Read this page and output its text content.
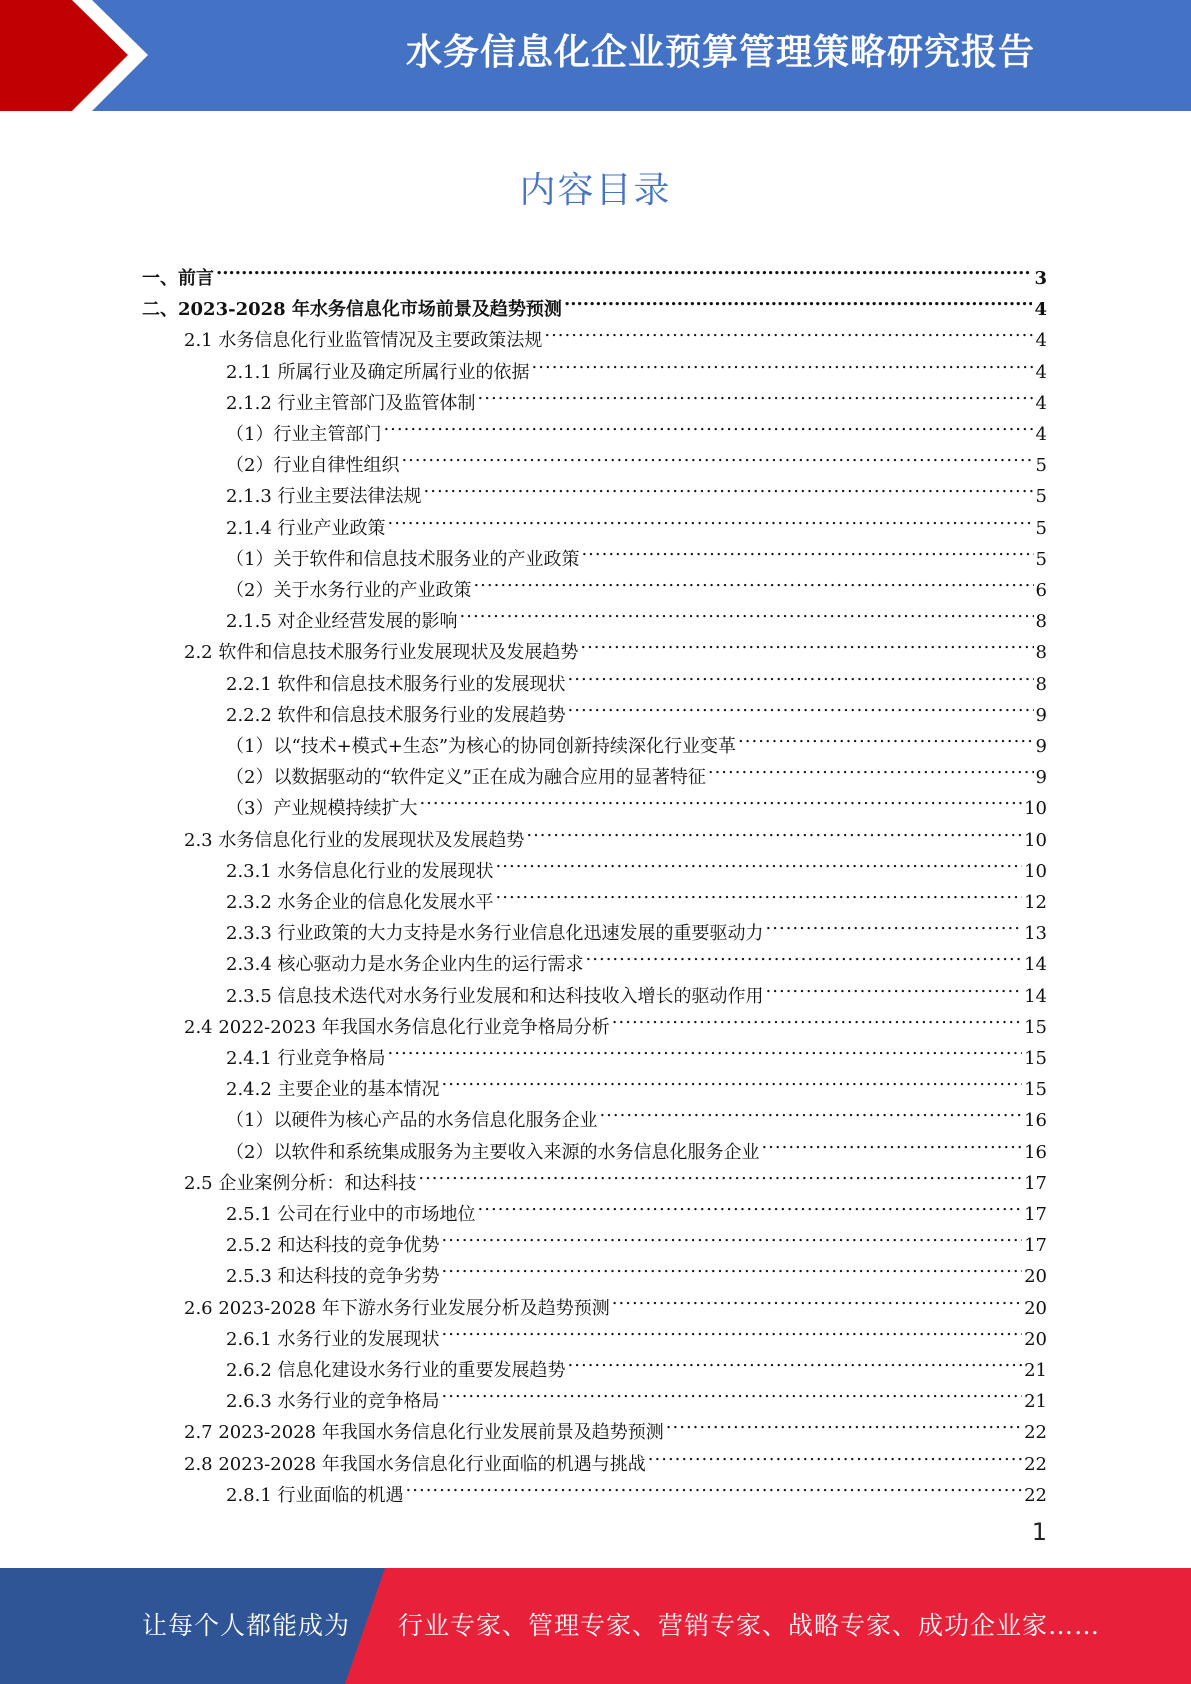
水务信息化企业预算管理策略研究报告
内容目录
一、前言 .....	3
二、2023-2028 年水务信息化市场前景及趋势预测 .....	4
2.1 水务信息化行业监管情况及主要政策法规 .....	4
2.1.1 所属行业及确定所属行业的依据 .....	4
2.1.2 行业主管部门及监管体制 .....	4
（1）行业主管部门 .....	4
（2）行业自律性组织 .....	5
2.1.3 行业主要法律法规 .....	5
2.1.4 行业产业政策 .....	5
（1）关于软件和信息技术服务业的产业政策 .....	5
（2）关于水务行业的产业政策 .....	6
2.1.5 对企业经营发展的影响 .....	8
2.2 软件和信息技术服务行业发展现状及发展趋势 .....	8
2.2.1 软件和信息技术服务行业的发展现状 .....	8
2.2.2 软件和信息技术服务行业的发展趋势 .....	9
（1）以“技术+模式+生态”为核心的协同创新持续深化行业变革 .....	9
（2）以数据驱动的“软件定义”正在成为融合应用的显著特征 .....	9
（3）产业规模持续扩大 .....	10
2.3 水务信息化行业的发展现状及发展趋势 .....	10
2.3.1 水务信息化行业的发展现状 .....	10
2.3.2 水务企业的信息化发展水平 .....	12
2.3.3 行业政策的大力支持是水务行业信息化迅速发展的重要驱动力 .....	13
2.3.4 核心驱动力是水务企业内生的运行需求 .....	14
2.3.5 信息技术迭代对水务行业发展和和达科技收入增长的驱动作用 .....	14
2.4 2022-2023 年我国水务信息化行业竞争格局分析 .....	15
2.4.1 行业竞争格局 .....	15
2.4.2 主要企业的基本情况 .....	15
（1）以硬件为核心产品的水务信息化服务企业 .....	16
（2）以软件和系统集成服务为主要收入来源的水务信息化服务企业 .....	16
2.5 企业案例分析：和达科技 .....	17
2.5.1 公司在行业中的市场地位 .....	17
2.5.2 和达科技的竞争优势 .....	17
2.5.3 和达科技的竞争劣势 .....	20
2.6 2023-2028 年下游水务行业发展分析及趋势预测 .....	20
2.6.1 水务行业的发展现状 .....	20
2.6.2 信息化建设水务行业的重要发展趋势 .....	21
2.6.3 水务行业的竞争格局 .....	21
2.7 2023-2028 年我国水务信息化行业发展前景及趋势预测 .....	22
2.8 2023-2028 年我国水务信息化行业面临的机遇与挑战 .....	22
2.8.1 行业面临的机遇 .....	22
1
让每个人都能成为 行业专家、管理专家、营销专家、战略专家、成功企业家……
